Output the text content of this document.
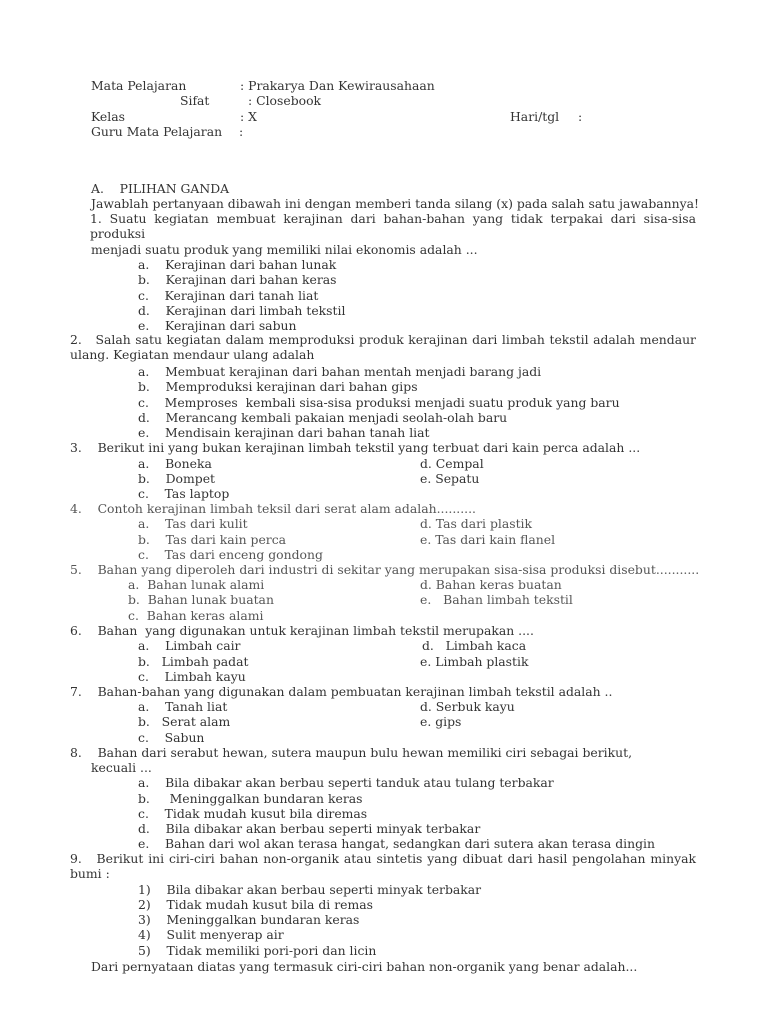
Mata Pelajaran	: Prakarya Dan Kewirausahaan
Sifat	: Closebook
Kelas	: X	Hari/tgl :
Guru Mata Pelajaran :
A.    PILIHAN GANDA
Jawablah pertanyaan dibawah ini dengan memberi tanda silang (x) pada salah satu jawabannya!
1. Suatu kegiatan membuat kerajinan dari bahan-bahan yang tidak terpakai dari sisa-sisa produksi
menjadi suatu produk yang memiliki nilai ekonomis adalah ...
a.    Kerajinan dari bahan lunak
b.    Kerajinan dari bahan keras
c.    Kerajinan dari tanah liat
d.    Kerajinan dari limbah tekstil
e.    Kerajinan dari sabun
2. Salah satu kegiatan dalam memproduksi produk kerajinan dari limbah tekstil adalah mendaur ulang. Kegiatan mendaur ulang adalah
a.    Membuat kerajinan dari bahan mentah menjadi barang jadi
b.    Memproduksi kerajinan dari bahan gips
c.    Memproses  kembali sisa-sisa produksi menjadi suatu produk yang baru
d.    Merancang kembali pakaian menjadi seolah-olah baru
e.    Mendisain kerajinan dari bahan tanah liat
3.    Berikut ini yang bukan kerajinan limbah tekstil yang terbuat dari kain perca adalah ...
a.    Boneka
b.    Dompet
c.    Tas laptop
d. Cempal
e. Sepatu
4.    Contoh kerajinan limbah teksil dari serat alam adalah..........
a.    Tas dari kulit
b.    Tas dari kain perca
c.    Tas dari enceng gondong
d. Tas dari plastik
e. Tas dari kain flanel
5.    Bahan yang diperoleh dari industri di sekitar yang merupakan sisa-sisa produksi disebut...........
a.  Bahan lunak alami
b.  Bahan lunak buatan
c.  Bahan keras alami
d. Bahan keras buatan
e.   Bahan limbah tekstil
6.    Bahan  yang digunakan untuk kerajinan limbah tekstil merupakan ....
a.    Limbah cair
b.   Limbah padat
c.    Limbah kayu
d.   Limbah kaca
e. Limbah plastik
7.    Bahan-bahan yang digunakan dalam pembuatan kerajinan limbah tekstil adalah ..
a.    Tanah liat
b.   Serat alam
c.    Sabun
d. Serbuk kayu
e. gips
8.    Bahan dari serabut hewan, sutera maupun bulu hewan memiliki ciri sebagai berikut,
kecuali ...
a.    Bila dibakar akan berbau seperti tanduk atau tulang terbakar
b.     Meninggalkan bundaran keras
c.    Tidak mudah kusut bila diremas
d.    Bila dibakar akan berbau seperti minyak terbakar
e.    Bahan dari wol akan terasa hangat, sedangkan dari sutera akan terasa dingin
9. Berikut ini ciri-ciri bahan non-organik atau sintetis yang dibuat dari hasil pengolahan minyak bumi :
1)    Bila dibakar akan berbau seperti minyak terbakar
2)    Tidak mudah kusut bila di remas
3)    Meninggalkan bundaran keras
4)    Sulit menyerap air
5)    Tidak memiliki pori-pori dan licin
Dari pernyataan diatas yang termasuk ciri-ciri bahan non-organik yang benar adalah...
